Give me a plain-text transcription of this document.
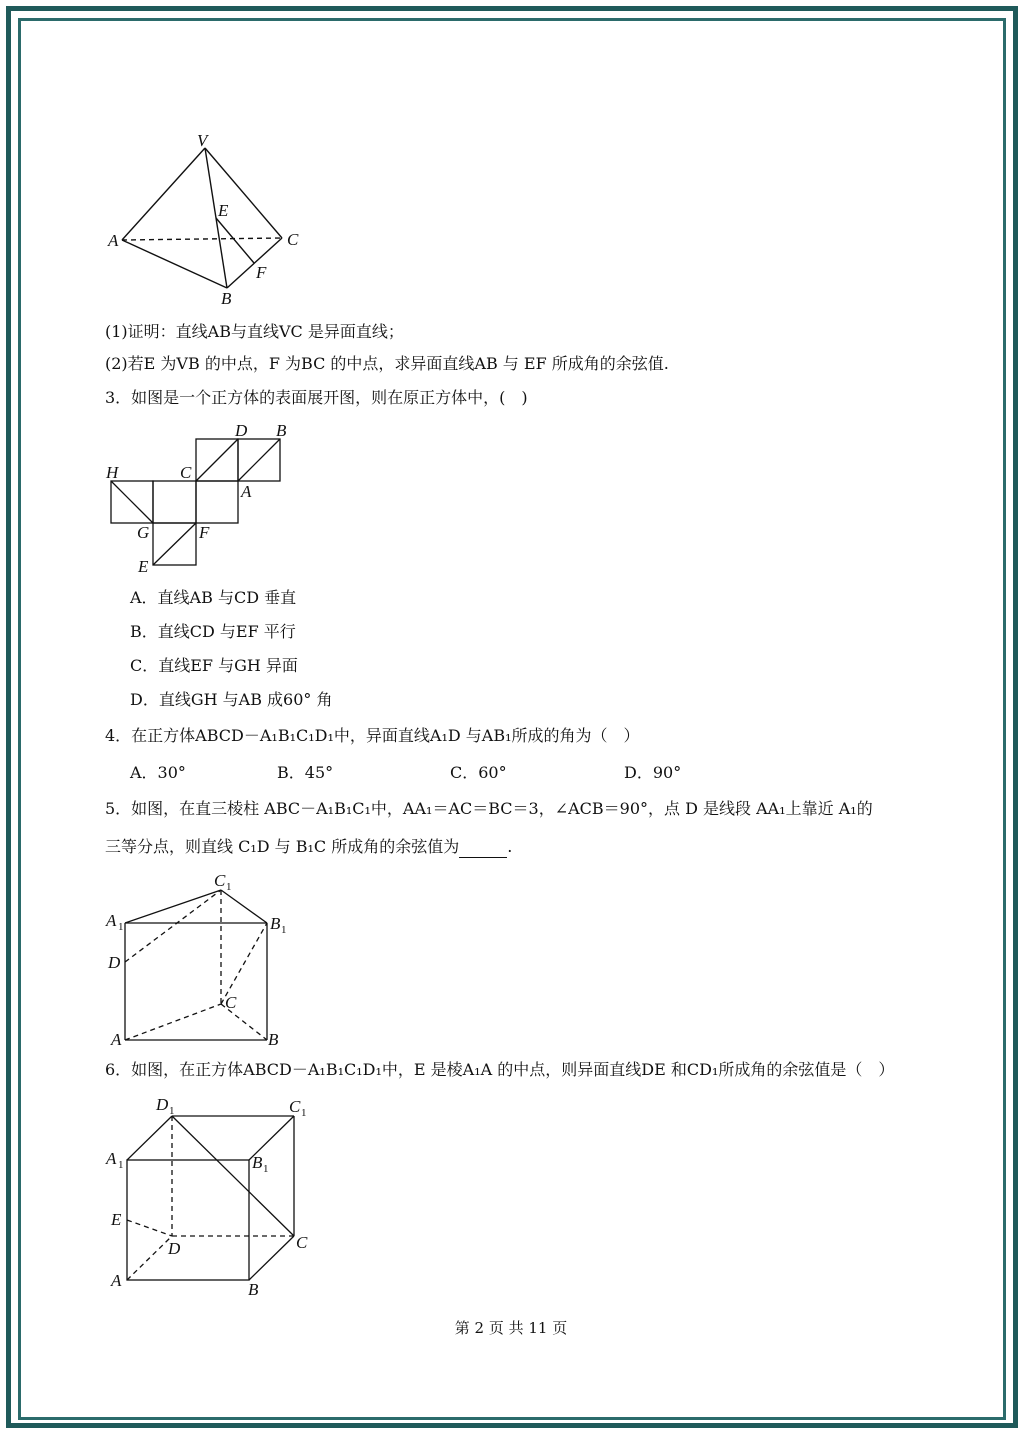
V
A	C
E
F
B
(1)证明：直线AB与直线VC 是异面直线；
(2)若E 为VB 的中点，F 为BC 的中点，求异面直线AB 与 EF 所成角的余弦值.
3．如图是一个正方体的表面展开图，则在原正方体中，(　)
D B
H	C
A
G	F
E
A．直线AB 与CD 垂直
B．直线CD 与EF 平行
C．直线EF 与GH 异面
D．直线GH 与AB 成60° 角
4．在正方体ABCD－A₁B₁C₁D₁中，异面直线A₁D 与AB₁所成的角为（　）
A．30°	B．45°	C．60°	D．90°
5．如图，在直三棱柱 ABC－A₁B₁C₁中，AA₁＝AC＝BC＝3，∠ACB＝90°，点 D 是线段 AA₁上靠近 A₁的
三等分点，则直线 C₁D 与 B₁C 所成角的余弦值为	.
C 1
A 1	B 1
D
C
A	B
6．如图，在正方体ABCD－A₁B₁C₁D₁中，E 是棱A₁A 的中点，则异面直线DE 和CD₁所成角的余弦值是（　）
D 1	C 1
A 1	B 1
E
D	C
A	B
第 2 页 共 11 页
